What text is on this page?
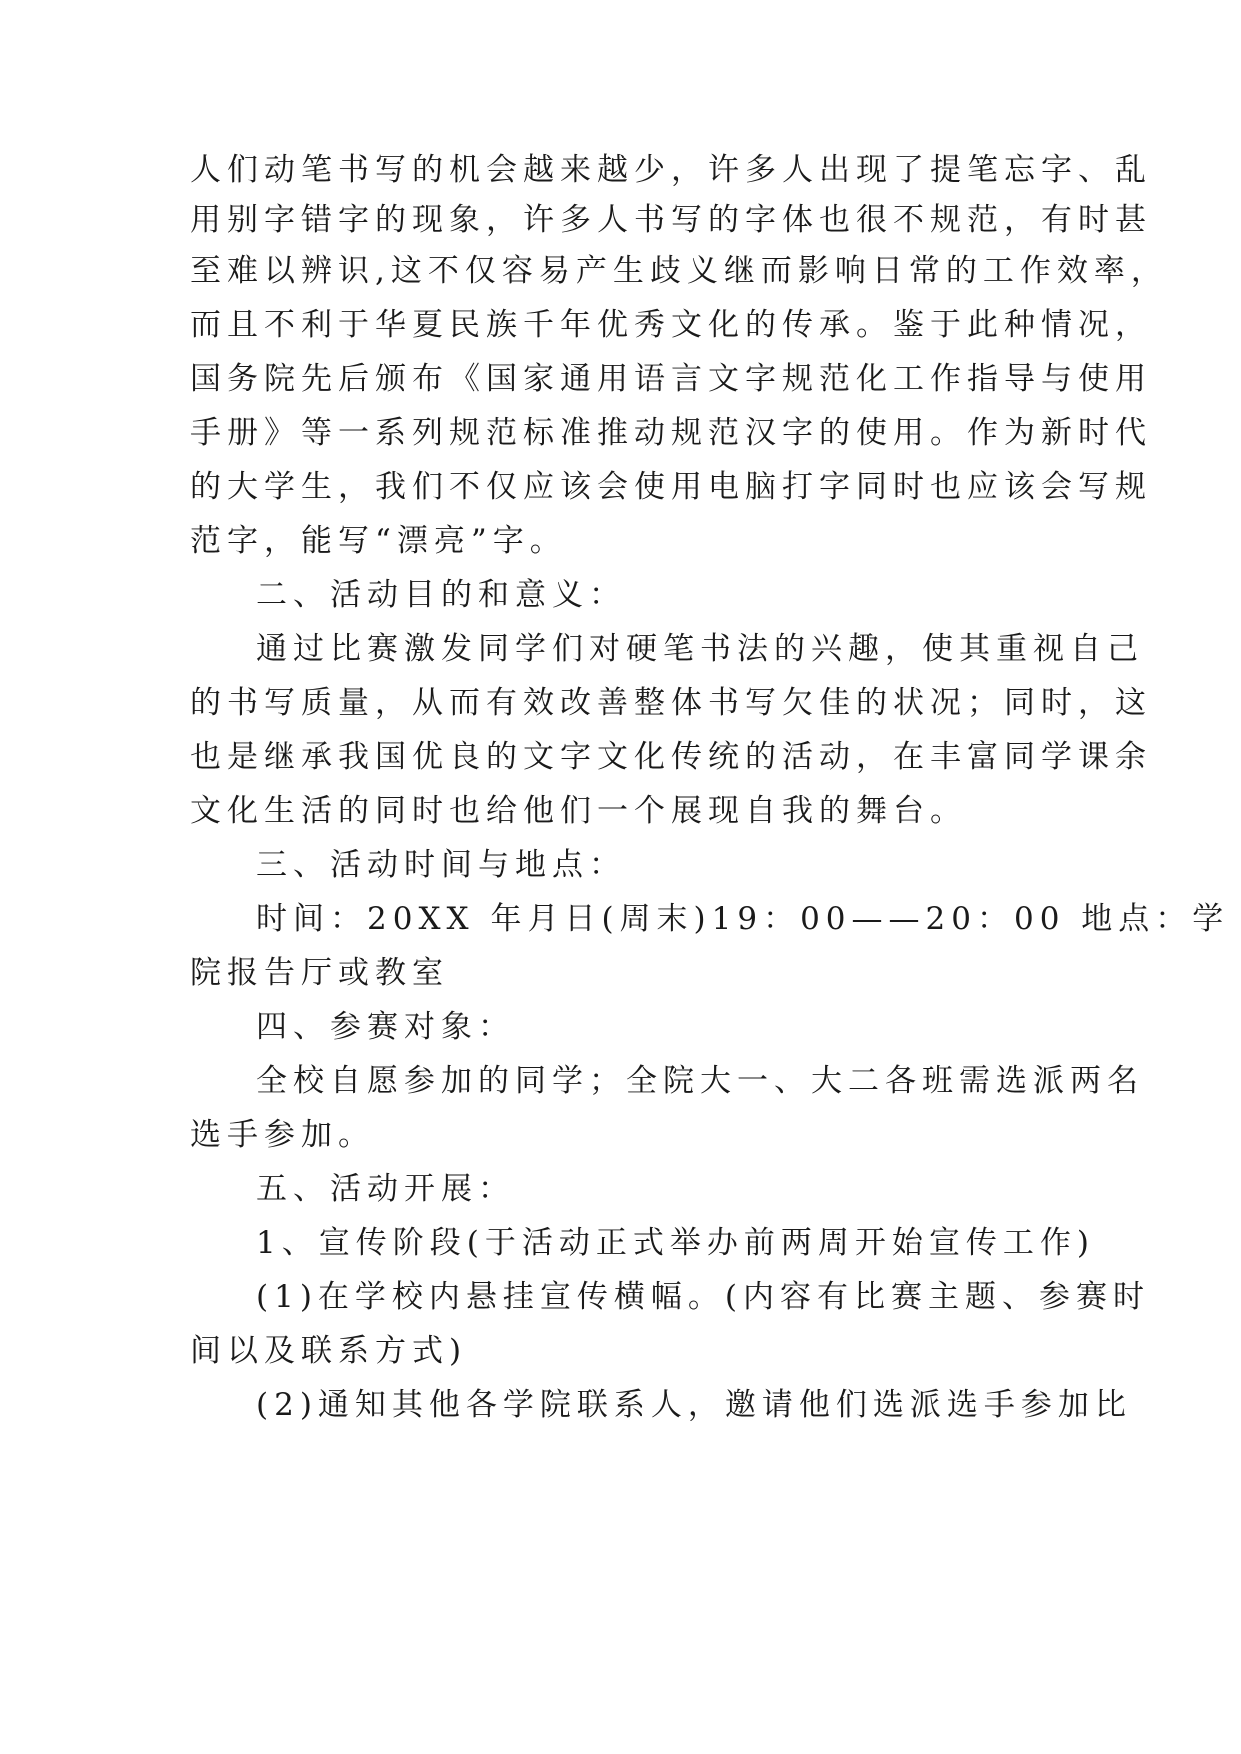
人们动笔书写的机会越来越少，许多人出现了提笔忘字、乱
用别字错字的现象，许多人书写的字体也很不规范，有时甚
至难以辨识,这不仅容易产生歧义继而影响日常的工作效率，
而且不利于华夏民族千年优秀文化的传承。鉴于此种情况，
国务院先后颁布《国家通用语言文字规范化工作指导与使用
手册》等一系列规范标准推动规范汉字的使用。作为新时代
的大学生，我们不仅应该会使用电脑打字同时也应该会写规
范字，能写“漂亮”字。
二、活动目的和意义：
通过比赛激发同学们对硬笔书法的兴趣，使其重视自己
的书写质量，从而有效改善整体书写欠佳的状况；同时，这
也是继承我国优良的文字文化传统的活动，在丰富同学课余
文化生活的同时也给他们一个展现自我的舞台。
三、活动时间与地点：
时间：20XX 年月日(周末)19：00——20：00 地点：学
院报告厅或教室
四、参赛对象：
全校自愿参加的同学；全院大一、大二各班需选派两名
选手参加。
五、活动开展：
1、宣传阶段(于活动正式举办前两周开始宣传工作)
(1)在学校内悬挂宣传横幅。(内容有比赛主题、参赛时
间以及联系方式)
(2)通知其他各学院联系人，邀请他们选派选手参加比
